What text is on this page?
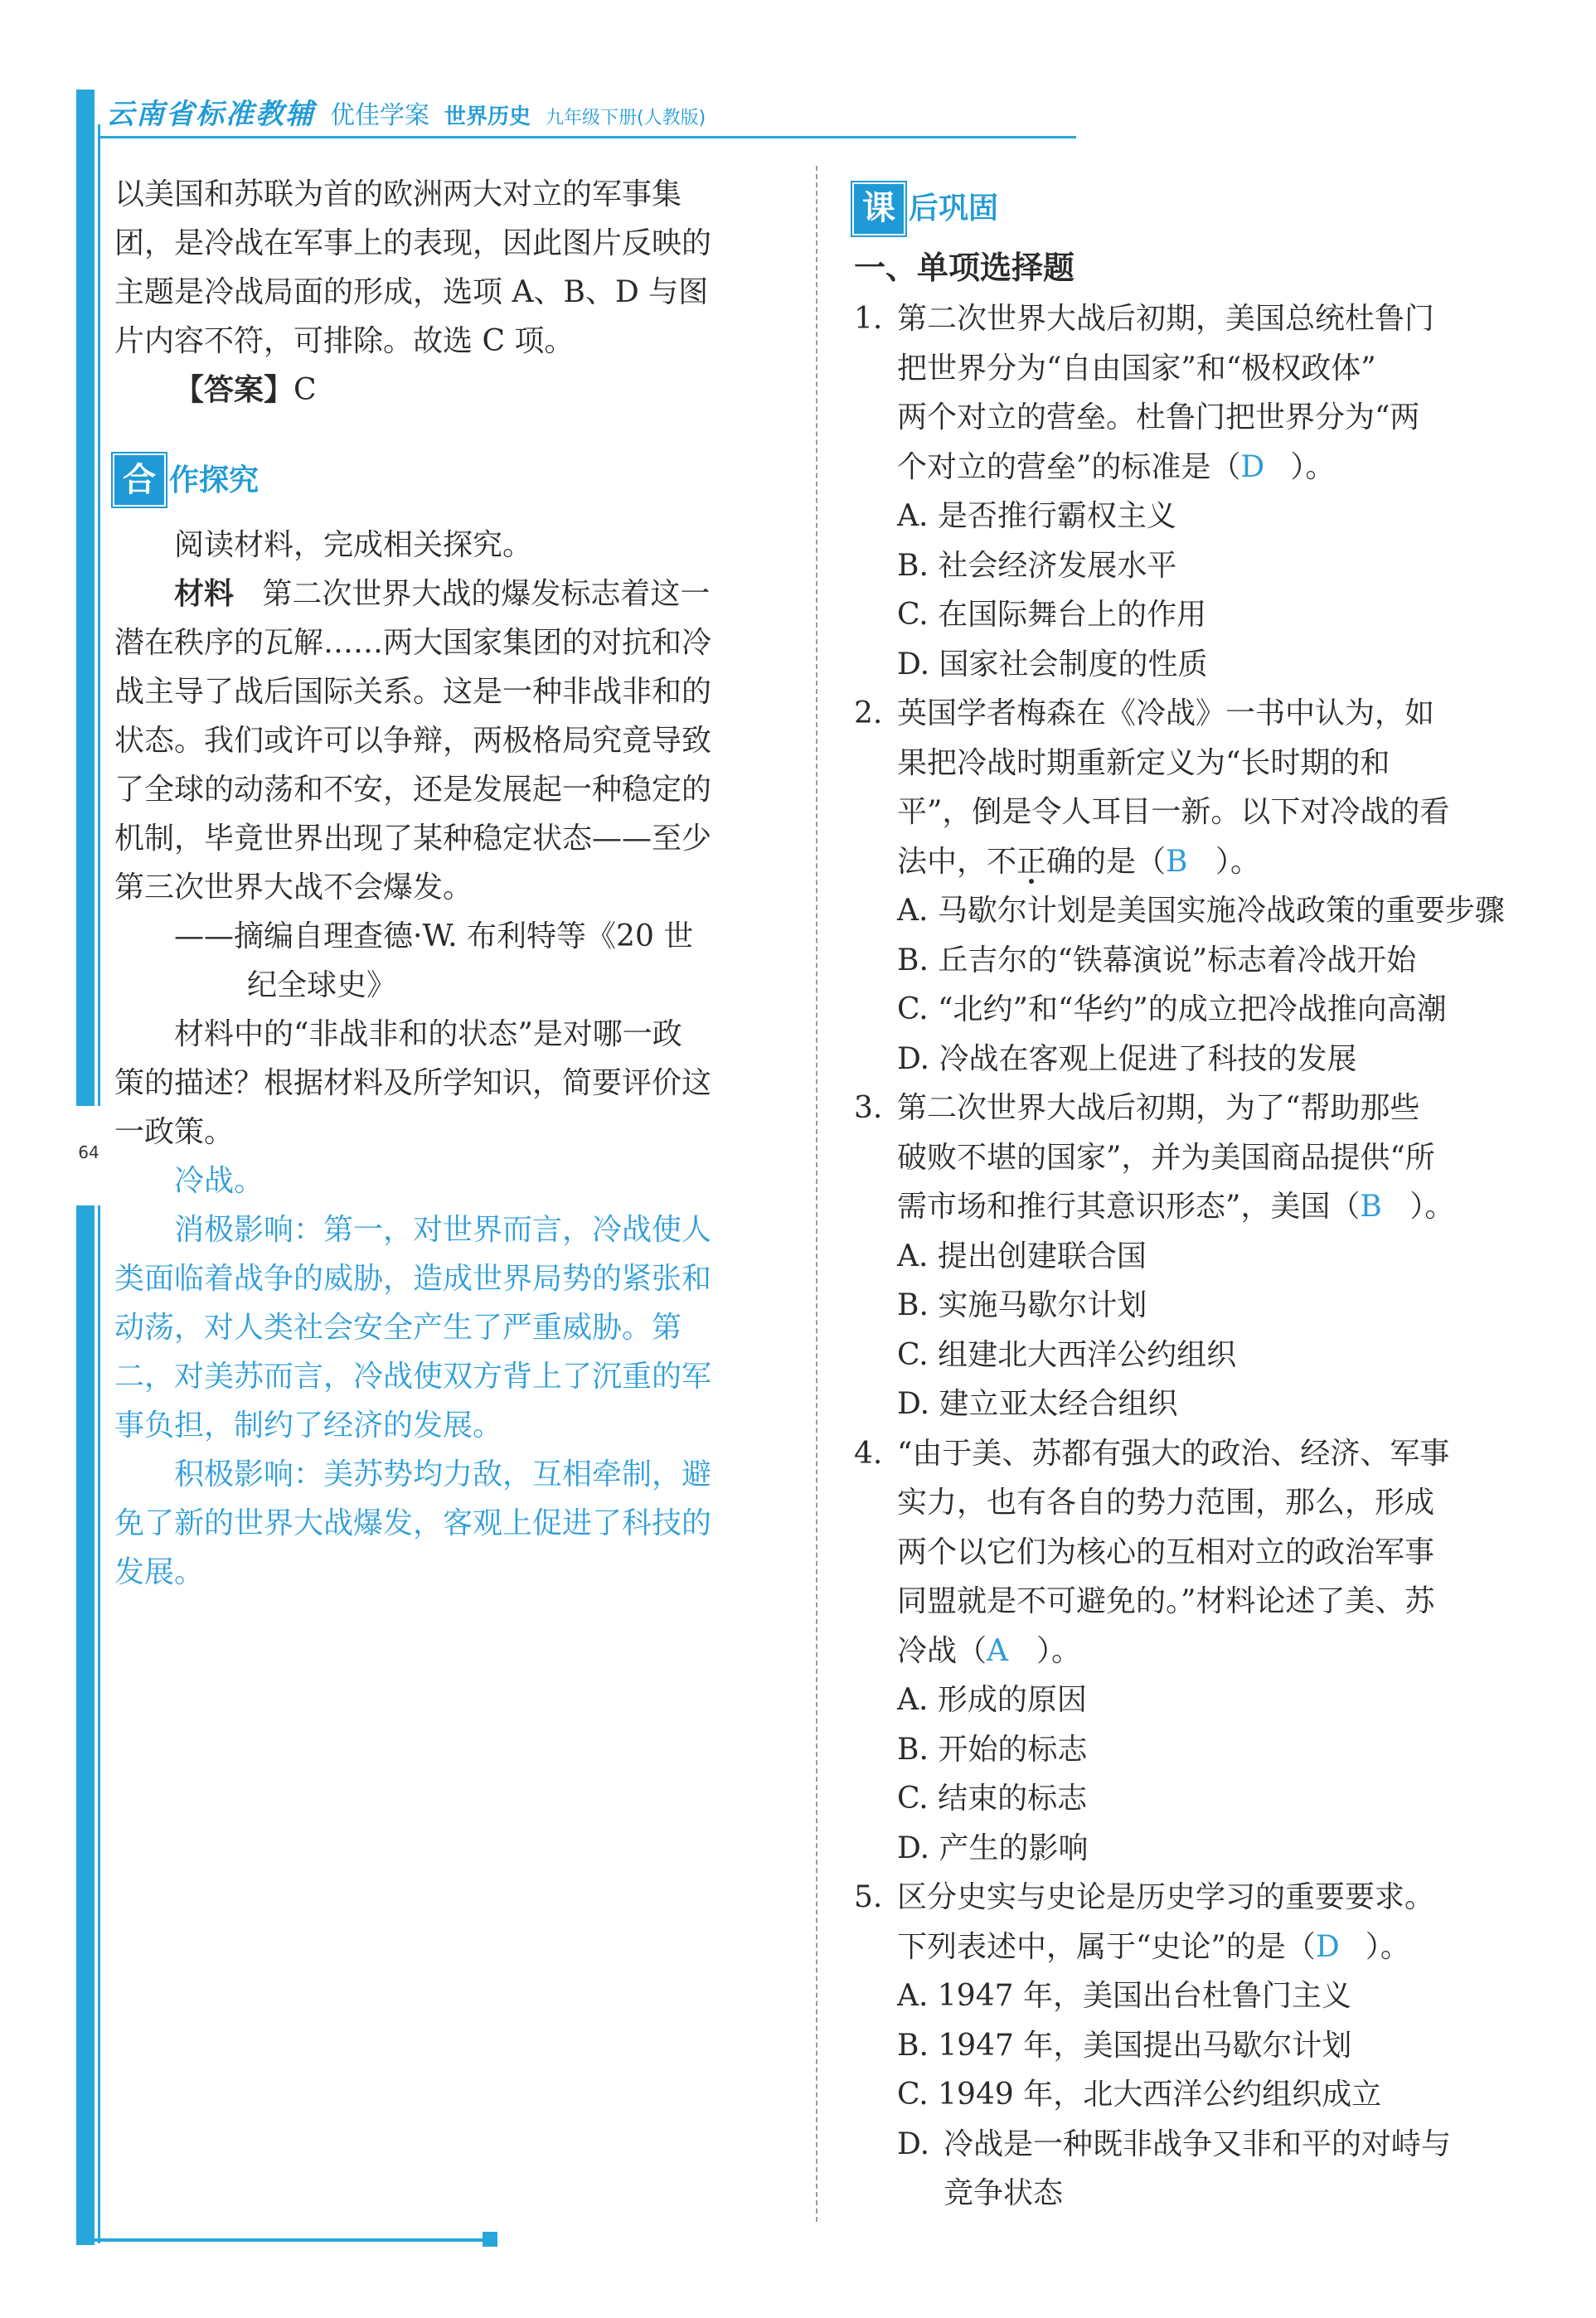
64
云南省标准教辅 优佳学案 世界历史 九年级下册(人教版)
以美国和苏联为首的欧洲两大对立的军事集
团，是冷战在军事上的表现，因此图片反映的
主题是冷战局面的形成，选项 A、B、D 与图
片内容不符，可排除。故选 C 项。
【答案】C
合 作探究
阅读材料，完成相关探究。
材料 第二次世界大战的爆发标志着这一
潜在秩序的瓦解……两大国家集团的对抗和冷
战主导了战后国际关系。这是一种非战非和的
状态。我们或许可以争辩，两极格局究竟导致
了全球的动荡和不安，还是发展起一种稳定的
机制，毕竟世界出现了某种稳定状态——至少
第三次世界大战不会爆发。
——摘编自理查德·W. 布利特等《20 世
纪全球史》
材料中的“非战非和的状态”是对哪一政
策的描述？根据材料及所学知识，简要评价这
一政策。
冷战。
消极影响：第一，对世界而言，冷战使人
类面临着战争的威胁，造成世界局势的紧张和
动荡，对人类社会安全产生了严重威胁。第
二，对美苏而言，冷战使双方背上了沉重的军
事负担，制约了经济的发展。
积极影响：美苏势均力敌，互相牵制，避
免了新的世界大战爆发，客观上促进了科技的
发展。
课 后巩固
一、单项选择题
1. 第二次世界大战后初期，美国总统杜鲁门
把世界分为“自由国家”和“极权政体”
两个对立的营垒。杜鲁门把世界分为“两
个对立的营垒”的标准是（D ）。
A. 是否推行霸权主义
B. 社会经济发展水平
C. 在国际舞台上的作用
D. 国家社会制度的性质
2. 英国学者梅森在《冷战》一书中认为，如
果把冷战时期重新定义为“长时期的和
平”，倒是令人耳目一新。以下对冷战的看
法中，不正确的是（B ）。
A. 马歇尔计划是美国实施冷战政策的重要步骤
B. 丘吉尔的“铁幕演说”标志着冷战开始
C. “北约”和“华约”的成立把冷战推向高潮
D. 冷战在客观上促进了科技的发展
3. 第二次世界大战后初期，为了“帮助那些
破败不堪的国家”，并为美国商品提供“所
需市场和推行其意识形态”，美国（B ）。
A. 提出创建联合国
B. 实施马歇尔计划
C. 组建北大西洋公约组织
D. 建立亚太经合组织
4. “由于美、苏都有强大的政治、经济、军事
实力，也有各自的势力范围，那么，形成
两个以它们为核心的互相对立的政治军事
同盟就是不可避免的。”材料论述了美、苏
冷战（A ）。
A. 形成的原因
B. 开始的标志
C. 结束的标志
D. 产生的影响
5. 区分史实与史论是历史学习的重要要求。
下列表述中，属于“史论”的是（D ）。
A. 1947 年，美国出台杜鲁门主义
B. 1947 年，美国提出马歇尔计划
C. 1949 年，北大西洋公约组织成立
D. 冷战是一种既非战争又非和平的对峙与
竞争状态
